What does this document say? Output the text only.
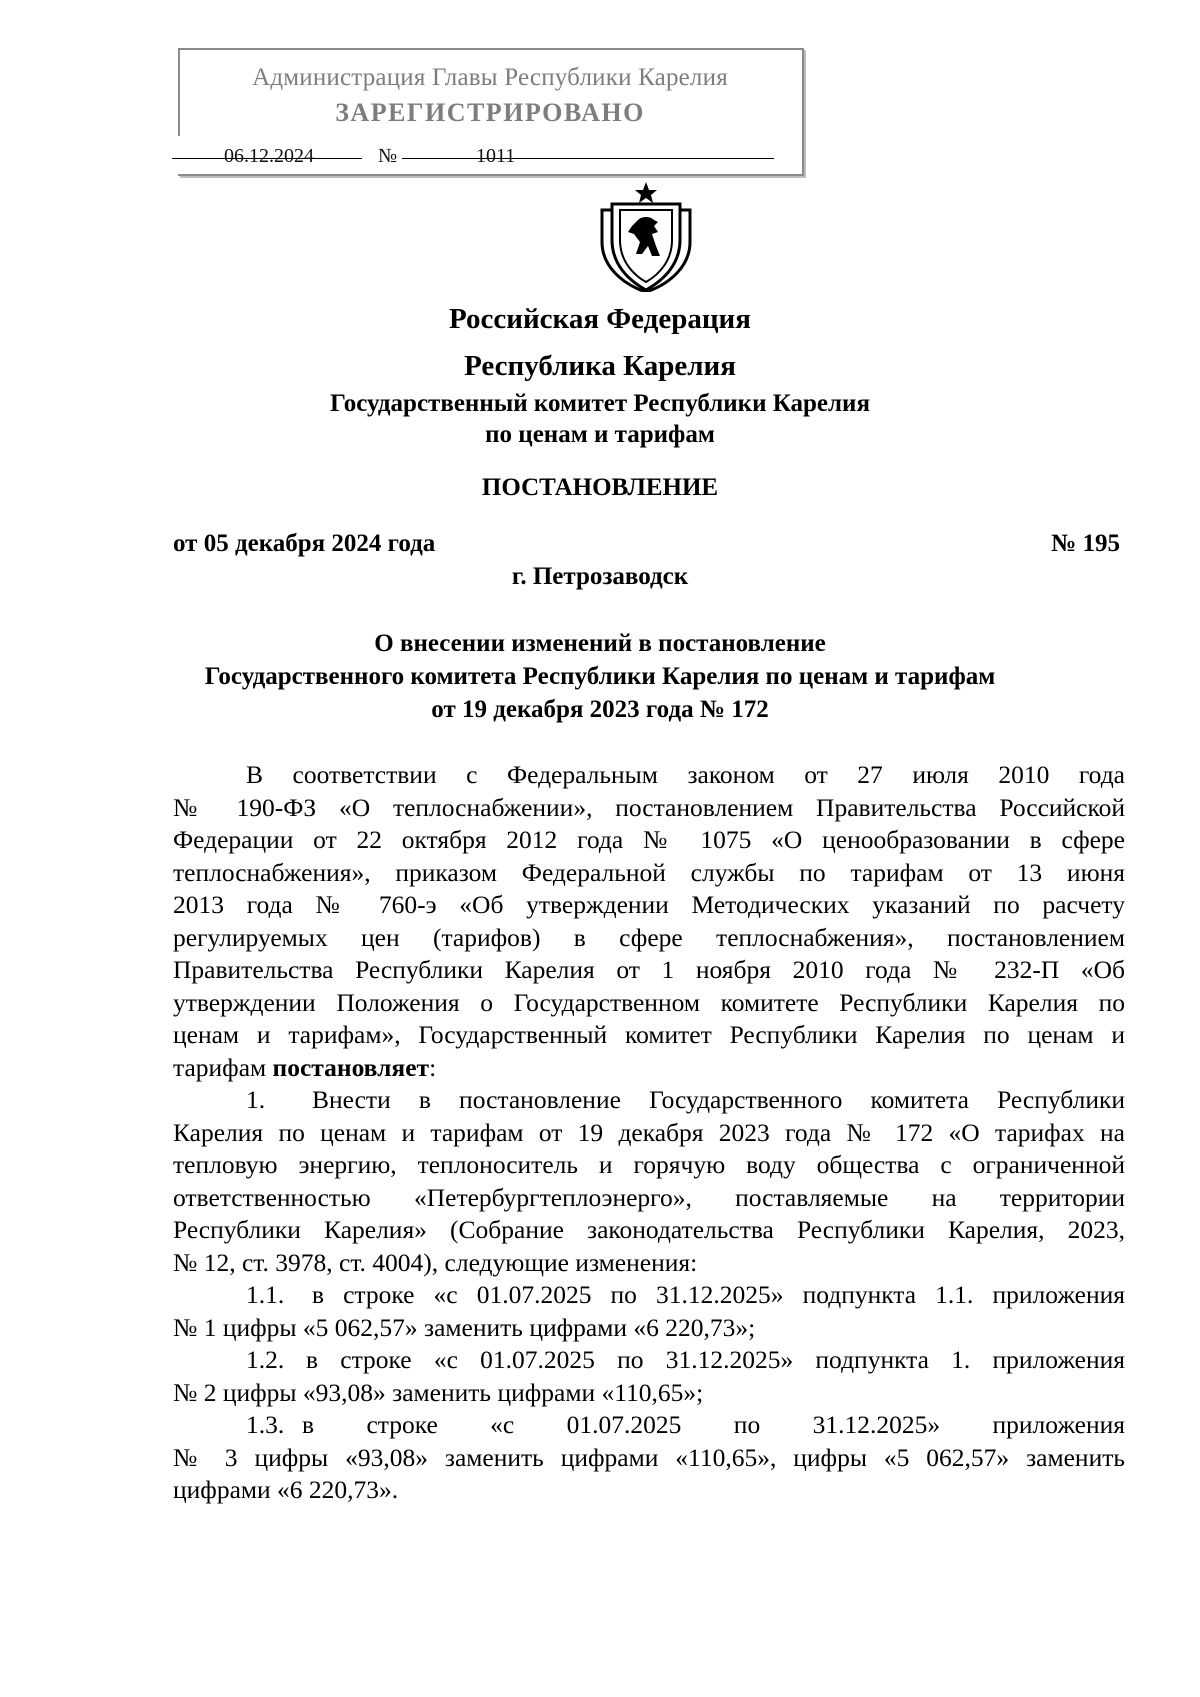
Администрация Главы Республики Карелия
ЗАРЕГИСТРИРОВАНО
06.12.2024	№	1011
Российская Федерация
Республика Карелия
Государственный комитет Республики Карелия
по ценам и тарифам
ПОСТАНОВЛЕНИЕ
от 05 декабря 2024 года	№ 195
г. Петрозаводск
О внесении изменений в постановление
Государственного комитета Республики Карелия по ценам и тарифам
от 19 декабря 2023 года № 172
В соответствии с Федеральным законом от 27 июля 2010 года
№ 190-ФЗ «О теплоснабжении», постановлением Правительства Российской
Федерации от 22 октября 2012 года № 1075 «О ценообразовании в сфере
теплоснабжения», приказом Федеральной службы по тарифам от 13 июня
2013 года № 760-э «Об утверждении Методических указаний по расчету
регулируемых цен (тарифов) в сфере теплоснабжения», постановлением
Правительства Республики Карелия от 1 ноября 2010 года № 232-П «Об
утверждении Положения о Государственном комитете Республики Карелия по
ценам и тарифам», Государственный комитет Республики Карелия по ценам и
тарифам постановляет:
1. Внести в постановление Государственного комитета Республики
Карелия по ценам и тарифам от 19 декабря 2023 года № 172 «О тарифах на
тепловую энергию, теплоноситель и горячую воду общества с ограниченной
ответственностью «Петербургтеплоэнерго», поставляемые на территории
Республики Карелия» (Собрание законодательства Республики Карелия, 2023,
№ 12, ст. 3978, ст. 4004), следующие изменения:
1.1. в строке «с 01.07.2025 по 31.12.2025» подпункта 1.1. приложения
№ 1 цифры «5 062,57» заменить цифрами «6 220,73»;
1.2. в строке «с 01.07.2025 по 31.12.2025» подпункта 1. приложения
№ 2 цифры «93,08» заменить цифрами «110,65»;
1.3. в строке «с 01.07.2025 по 31.12.2025» приложения
№ 3 цифры «93,08» заменить цифрами «110,65», цифры «5 062,57» заменить
цифрами «6 220,73».
